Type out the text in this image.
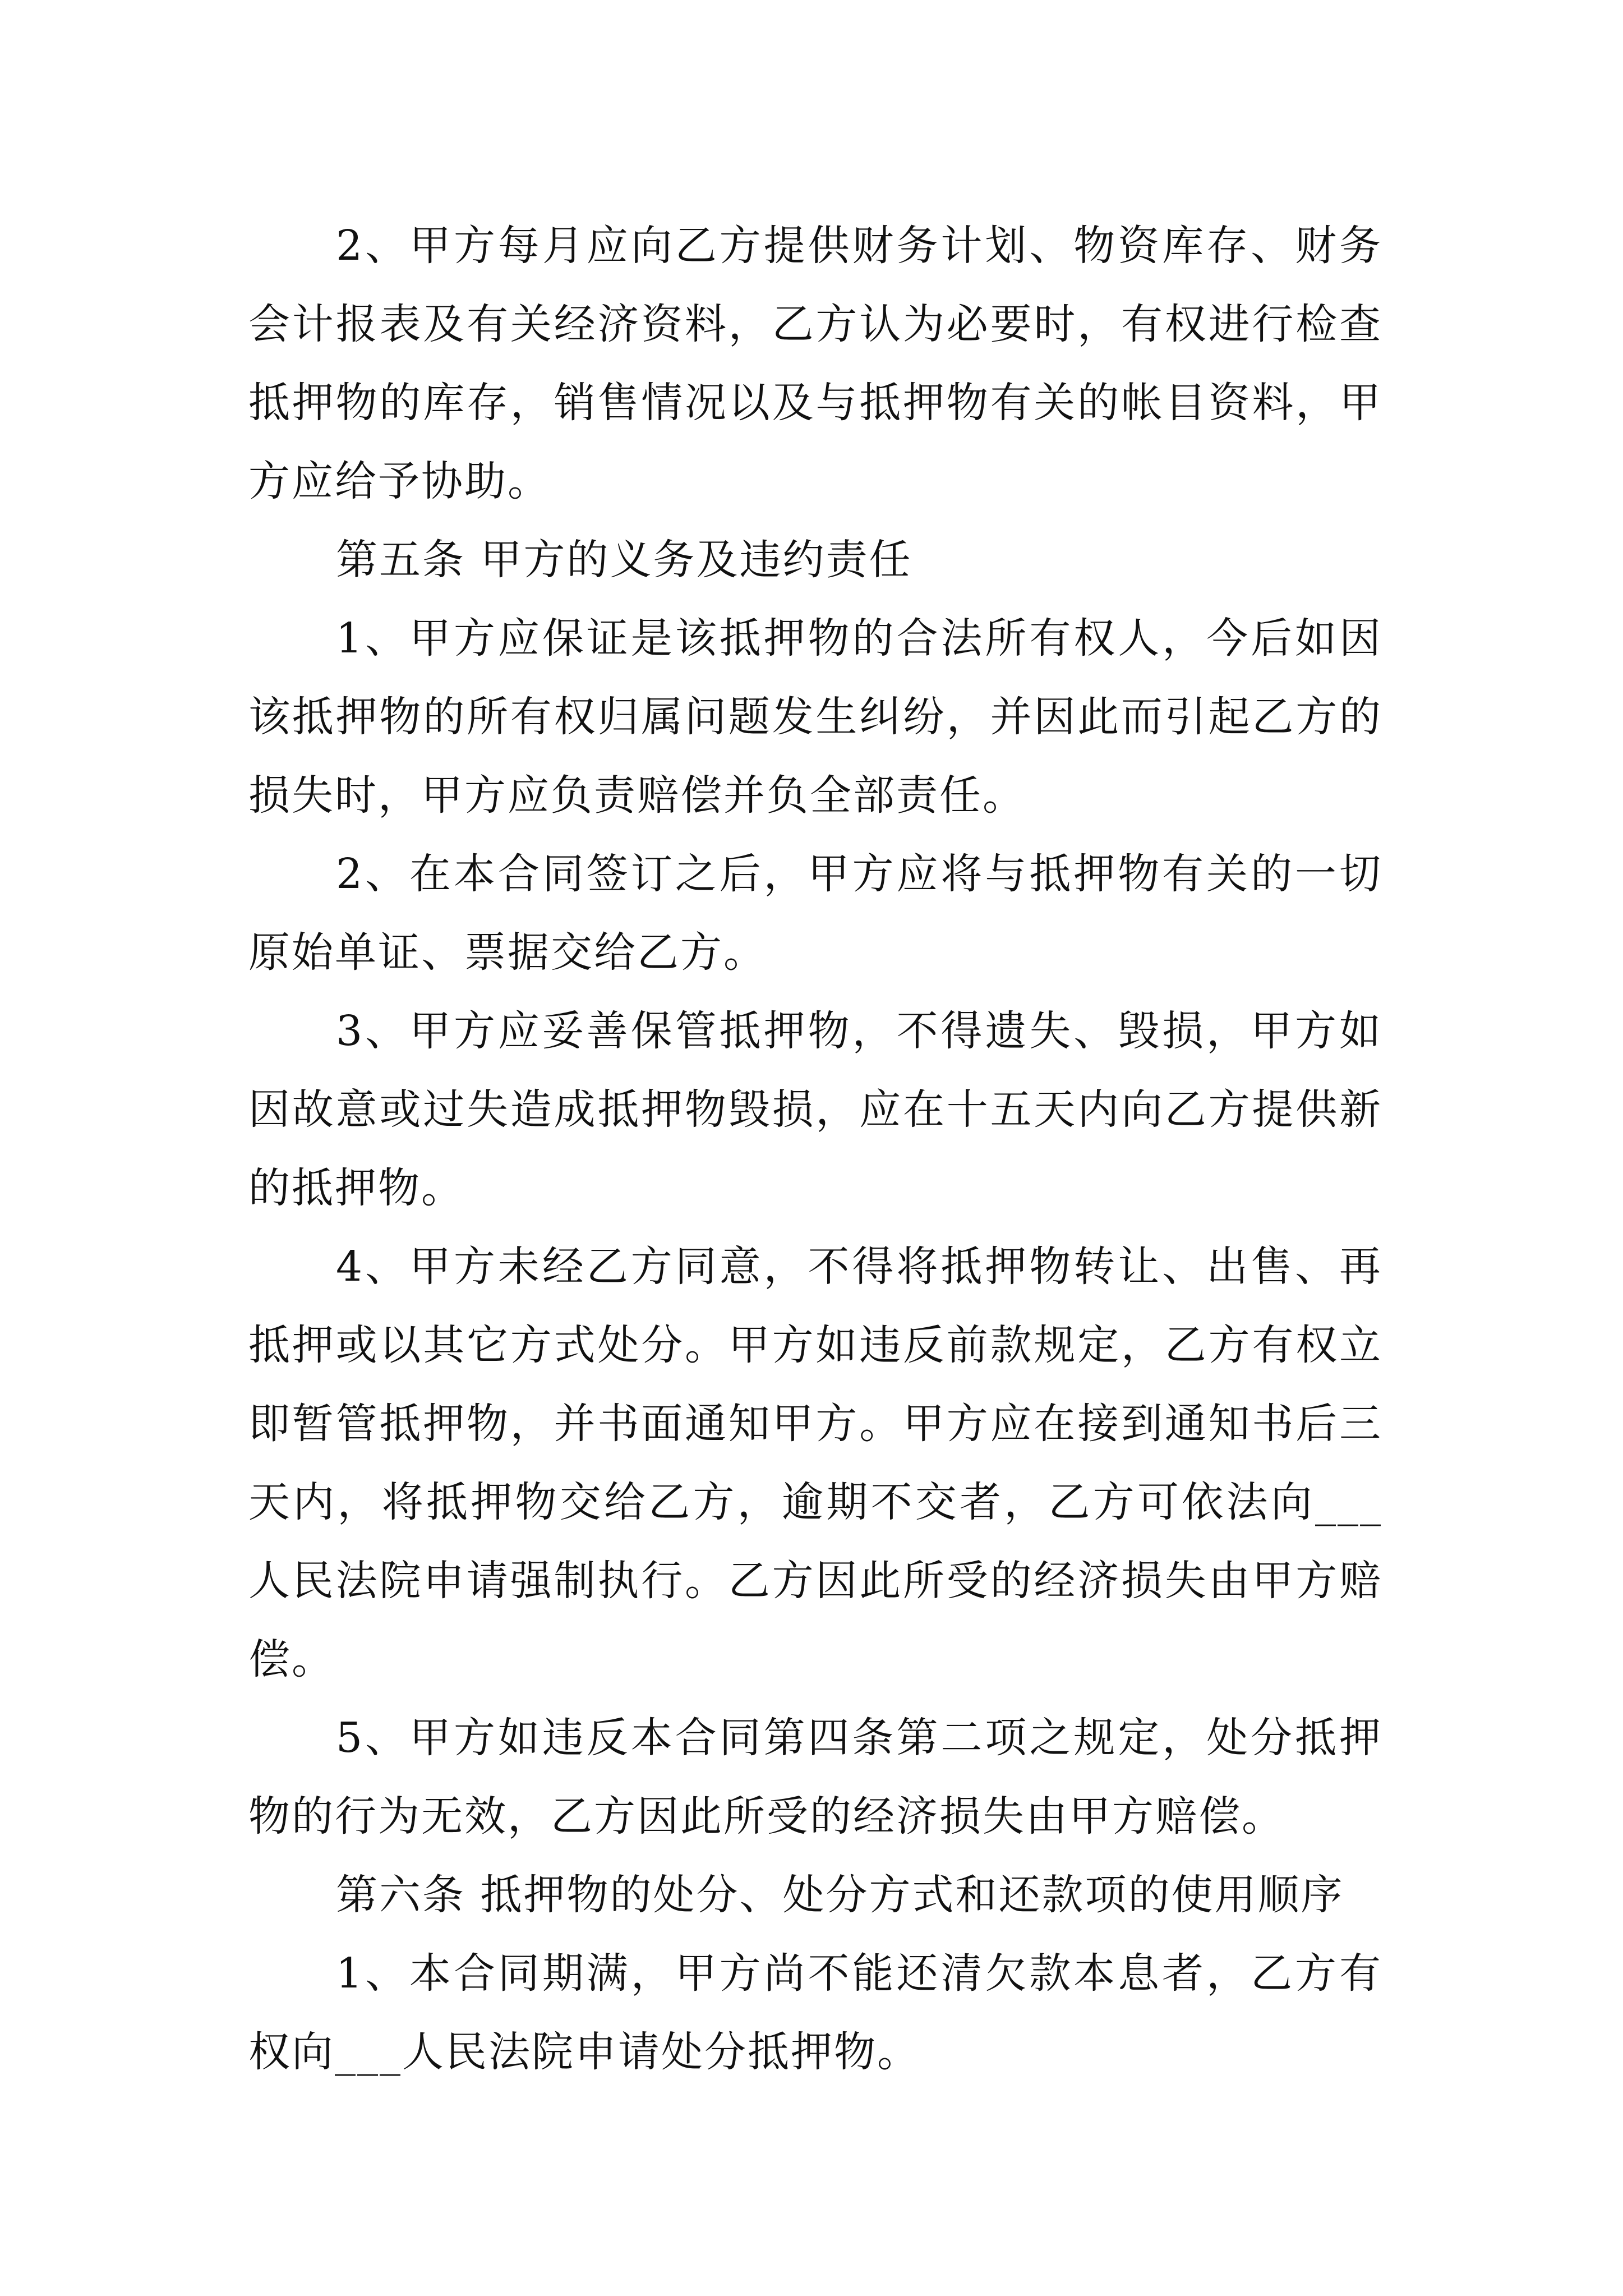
2、甲方每月应向乙方提供财务计划、物资库存、财务会计报表及有关经济资料，乙方认为必要时，有权进行检查抵押物的库存，销售情况以及与抵押物有关的帐目资料，甲方应给予协助。

第五条 甲方的义务及违约责任

1、甲方应保证是该抵押物的合法所有权人，今后如因该抵押物的所有权归属问题发生纠纷，并因此而引起乙方的损失时，甲方应负责赔偿并负全部责任。

2、在本合同签订之后，甲方应将与抵押物有关的一切原始单证、票据交给乙方。

3、甲方应妥善保管抵押物，不得遗失、毁损，甲方如因故意或过失造成抵押物毁损，应在十五天内向乙方提供新的抵押物。

4、甲方未经乙方同意，不得将抵押物转让、出售、再抵押或以其它方式处分。甲方如违反前款规定，乙方有权立即暂管抵押物，并书面通知甲方。甲方应在接到通知书后三天内，将抵押物交给乙方，逾期不交者，乙方可依法向___人民法院申请强制执行。乙方因此所受的经济损失由甲方赔偿。

5、甲方如违反本合同第四条第二项之规定，处分抵押物的行为无效，乙方因此所受的经济损失由甲方赔偿。

第六条 抵押物的处分、处分方式和还款项的使用顺序

1、本合同期满，甲方尚不能还清欠款本息者，乙方有权向___人民法院申请处分抵押物。
